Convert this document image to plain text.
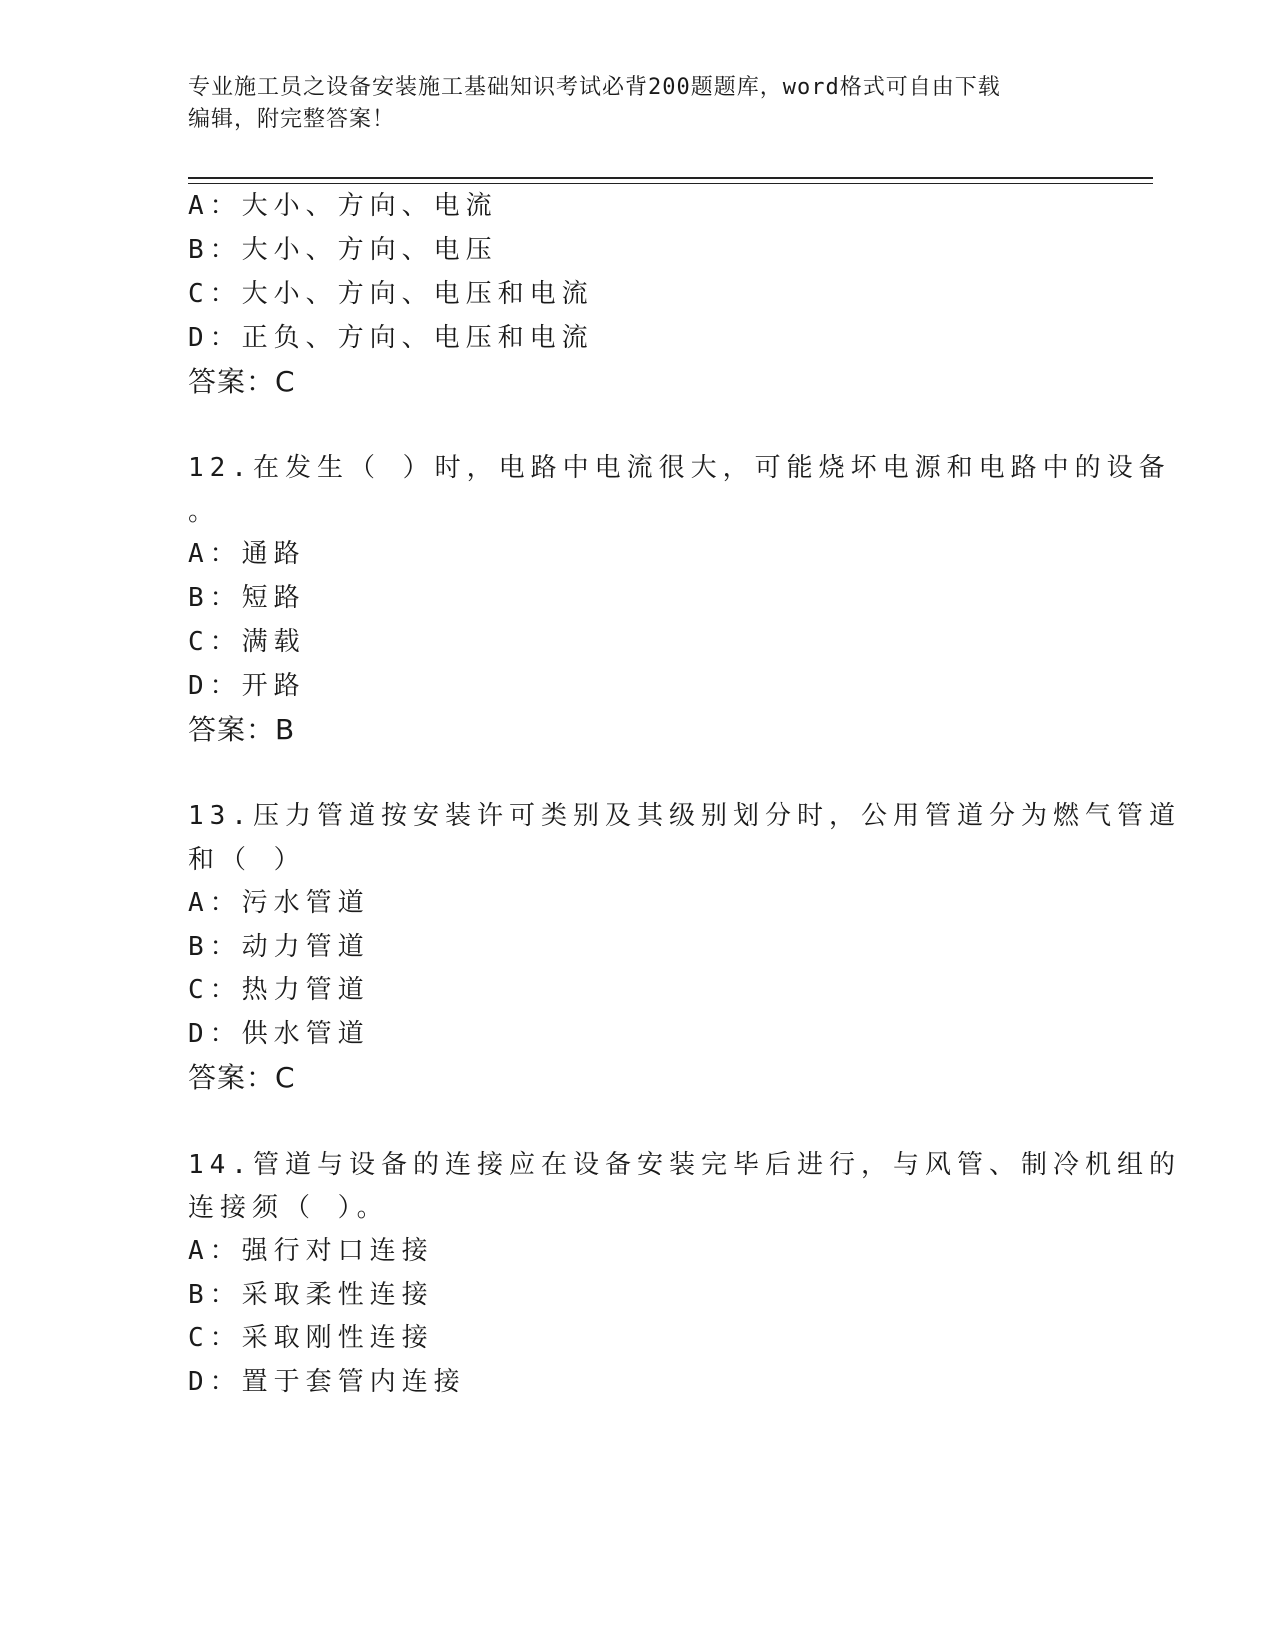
专业施工员之设备安装施工基础知识考试必背200题题库，word格式可自由下载
编辑，附完整答案！
A：大小、方向、电流
B：大小、方向、电压
C：大小、方向、电压和电流
D：正负、方向、电压和电流
答案：C
12.在发生（ ）时，电路中电流很大，可能烧坏电源和电路中的设备
。
A：通路
B：短路
C：满载
D：开路
答案：B
13.压力管道按安装许可类别及其级别划分时，公用管道分为燃气管道
和（ ）
A：污水管道
B：动力管道
C：热力管道
D：供水管道
答案：C
14.管道与设备的连接应在设备安装完毕后进行，与风管、制冷机组的
连接须（ ）。
A：强行对口连接
B：采取柔性连接
C：采取刚性连接
D：置于套管内连接
